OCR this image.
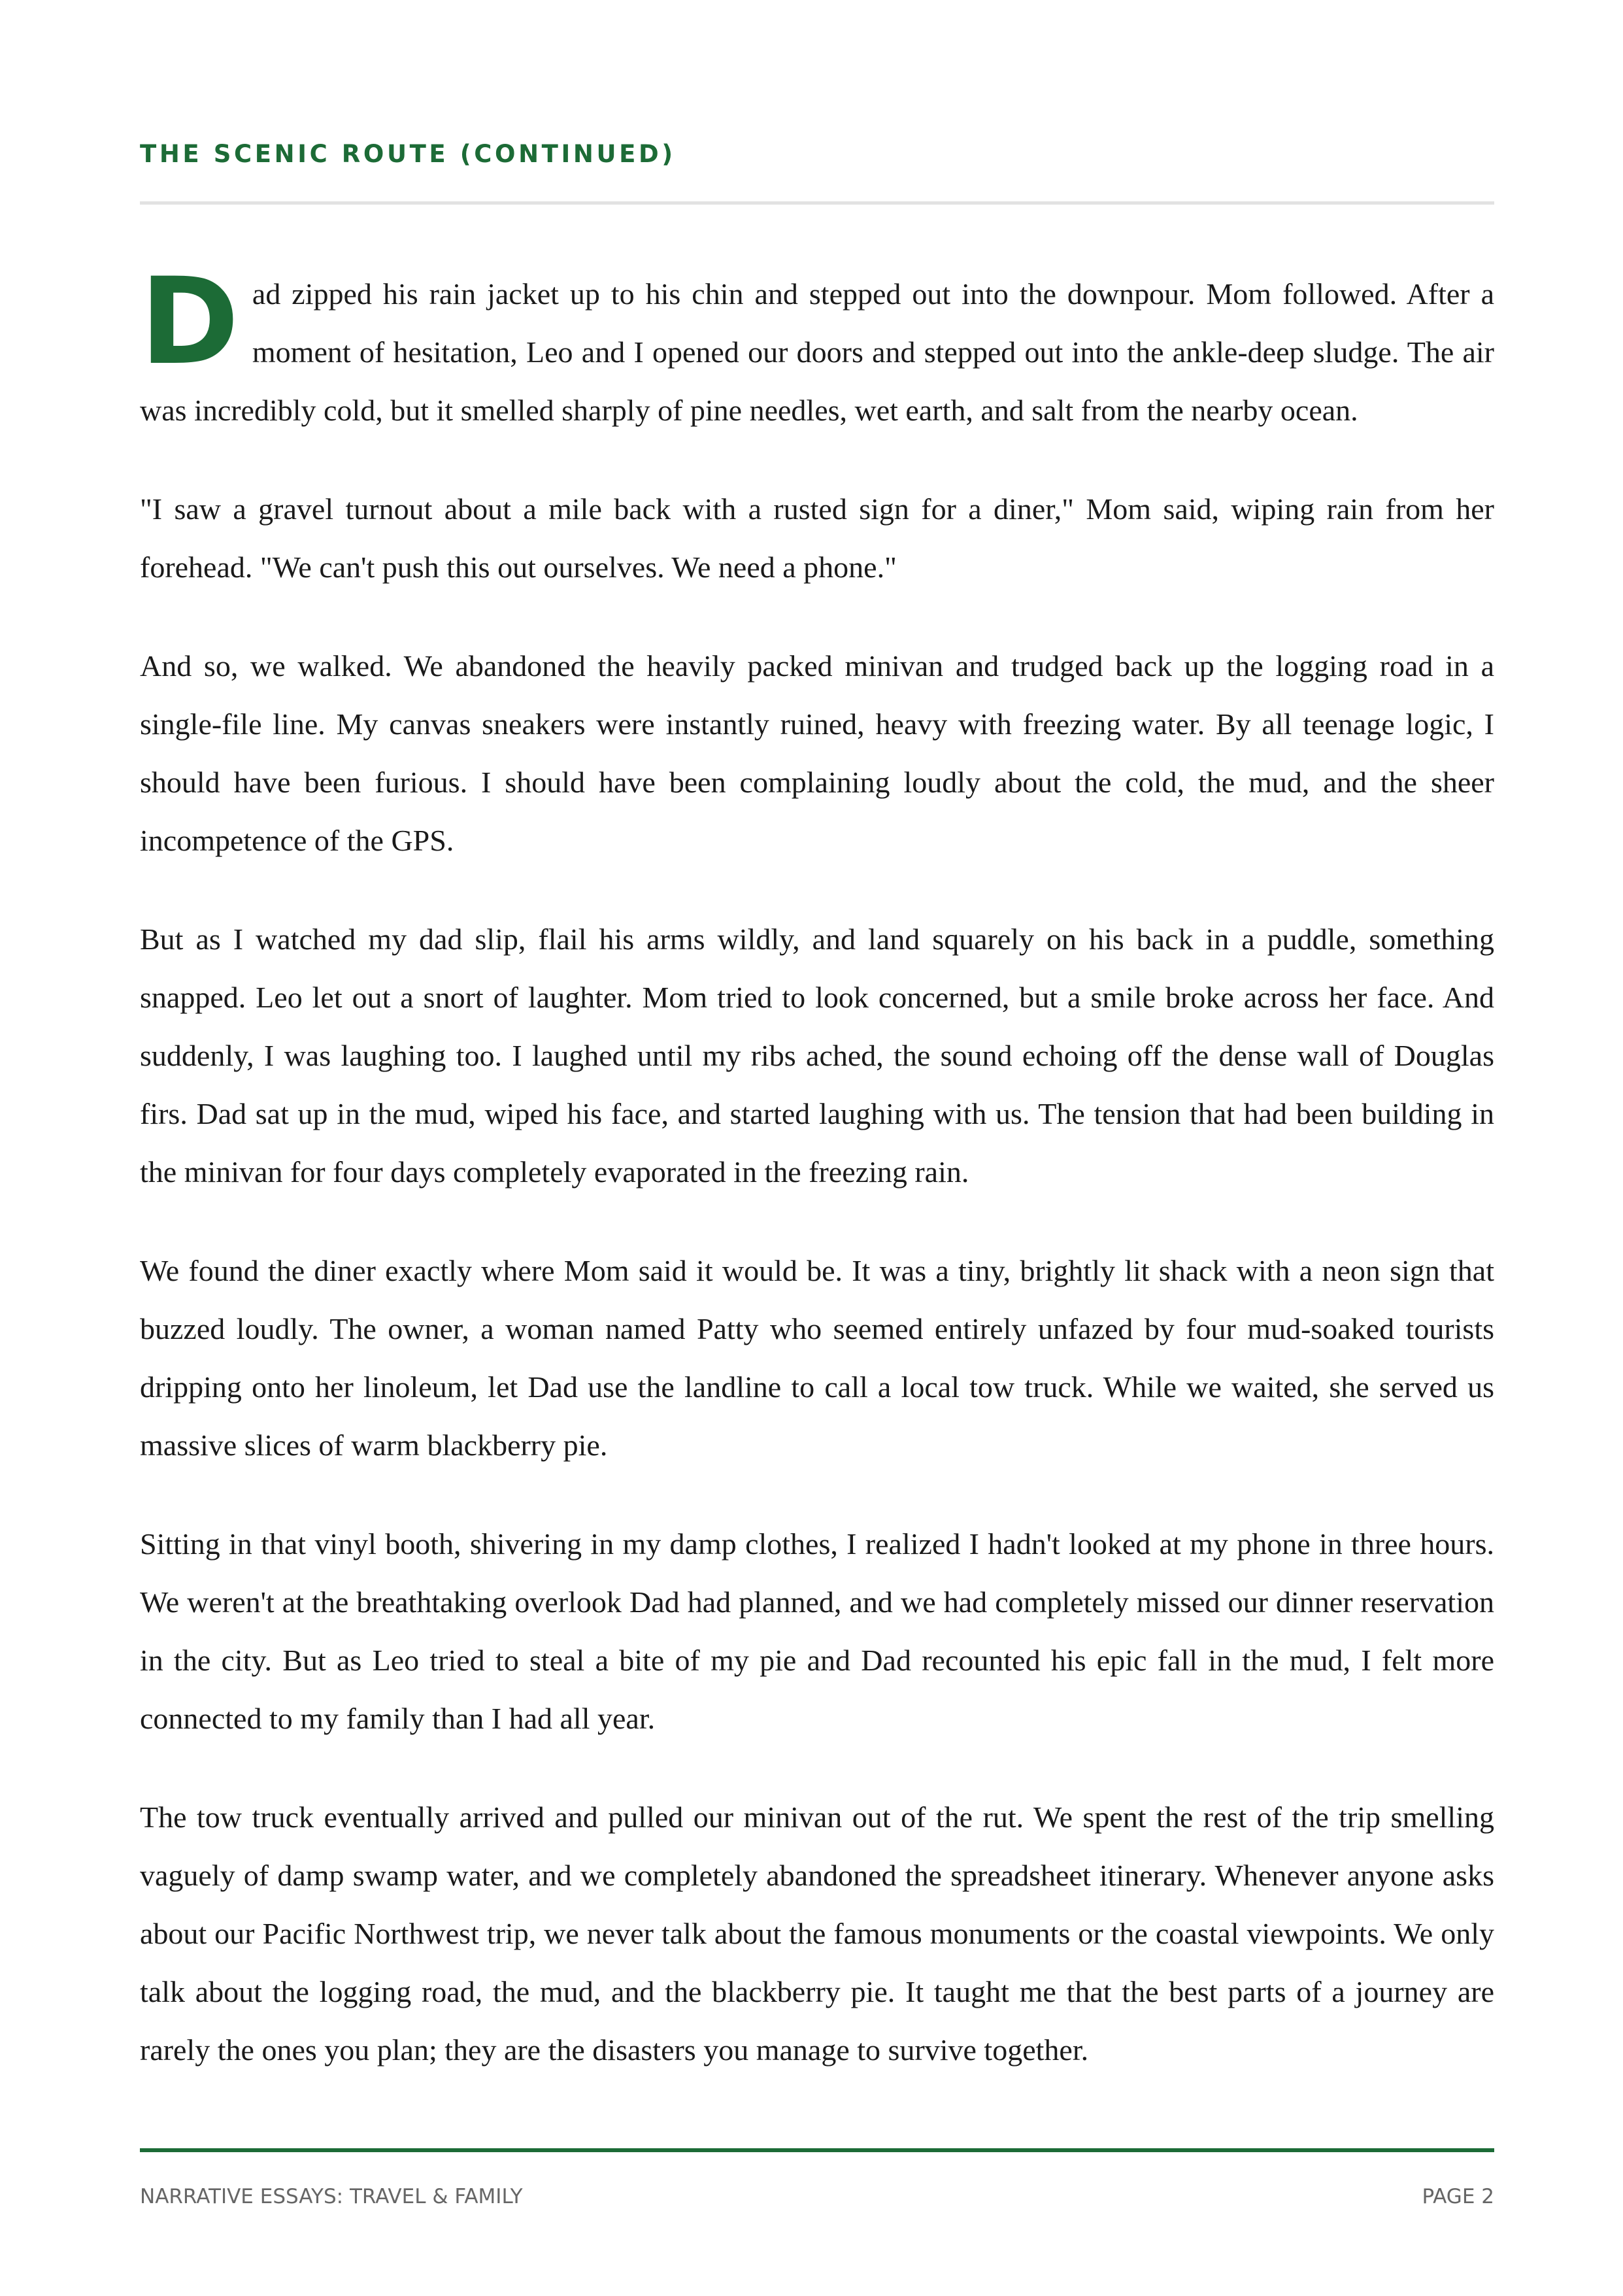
THE SCENIC ROUTE (CONTINUED)

Dad zipped his rain jacket up to his chin and stepped out into the downpour. Mom followed. After a moment of hesitation, Leo and I opened our doors and stepped out into the ankle-deep sludge. The air was incredibly cold, but it smelled sharply of pine needles, wet earth, and salt from the nearby ocean.

"I saw a gravel turnout about a mile back with a rusted sign for a diner," Mom said, wiping rain from her forehead. "We can't push this out ourselves. We need a phone."

And so, we walked. We abandoned the heavily packed minivan and trudged back up the logging road in a single-file line. My canvas sneakers were instantly ruined, heavy with freezing water. By all teenage logic, I should have been furious. I should have been complaining loudly about the cold, the mud, and the sheer incompetence of the GPS.

But as I watched my dad slip, flail his arms wildly, and land squarely on his back in a puddle, something snapped. Leo let out a snort of laughter. Mom tried to look concerned, but a smile broke across her face. And suddenly, I was laughing too. I laughed until my ribs ached, the sound echoing off the dense wall of Douglas firs. Dad sat up in the mud, wiped his face, and started laughing with us. The tension that had been building in the minivan for four days completely evaporated in the freezing rain.

We found the diner exactly where Mom said it would be. It was a tiny, brightly lit shack with a neon sign that buzzed loudly. The owner, a woman named Patty who seemed entirely unfazed by four mud-soaked tourists dripping onto her linoleum, let Dad use the landline to call a local tow truck. While we waited, she served us massive slices of warm blackberry pie.

Sitting in that vinyl booth, shivering in my damp clothes, I realized I hadn't looked at my phone in three hours. We weren't at the breathtaking overlook Dad had planned, and we had completely missed our dinner reservation in the city. But as Leo tried to steal a bite of my pie and Dad recounted his epic fall in the mud, I felt more connected to my family than I had all year.

The tow truck eventually arrived and pulled our minivan out of the rut. We spent the rest of the trip smelling vaguely of damp swamp water, and we completely abandoned the spreadsheet itinerary. Whenever anyone asks about our Pacific Northwest trip, we never talk about the famous monuments or the coastal viewpoints. We only talk about the logging road, the mud, and the blackberry pie. It taught me that the best parts of a journey are rarely the ones you plan; they are the disasters you manage to survive together.

NARRATIVE ESSAYS: TRAVEL & FAMILY	PAGE 2
